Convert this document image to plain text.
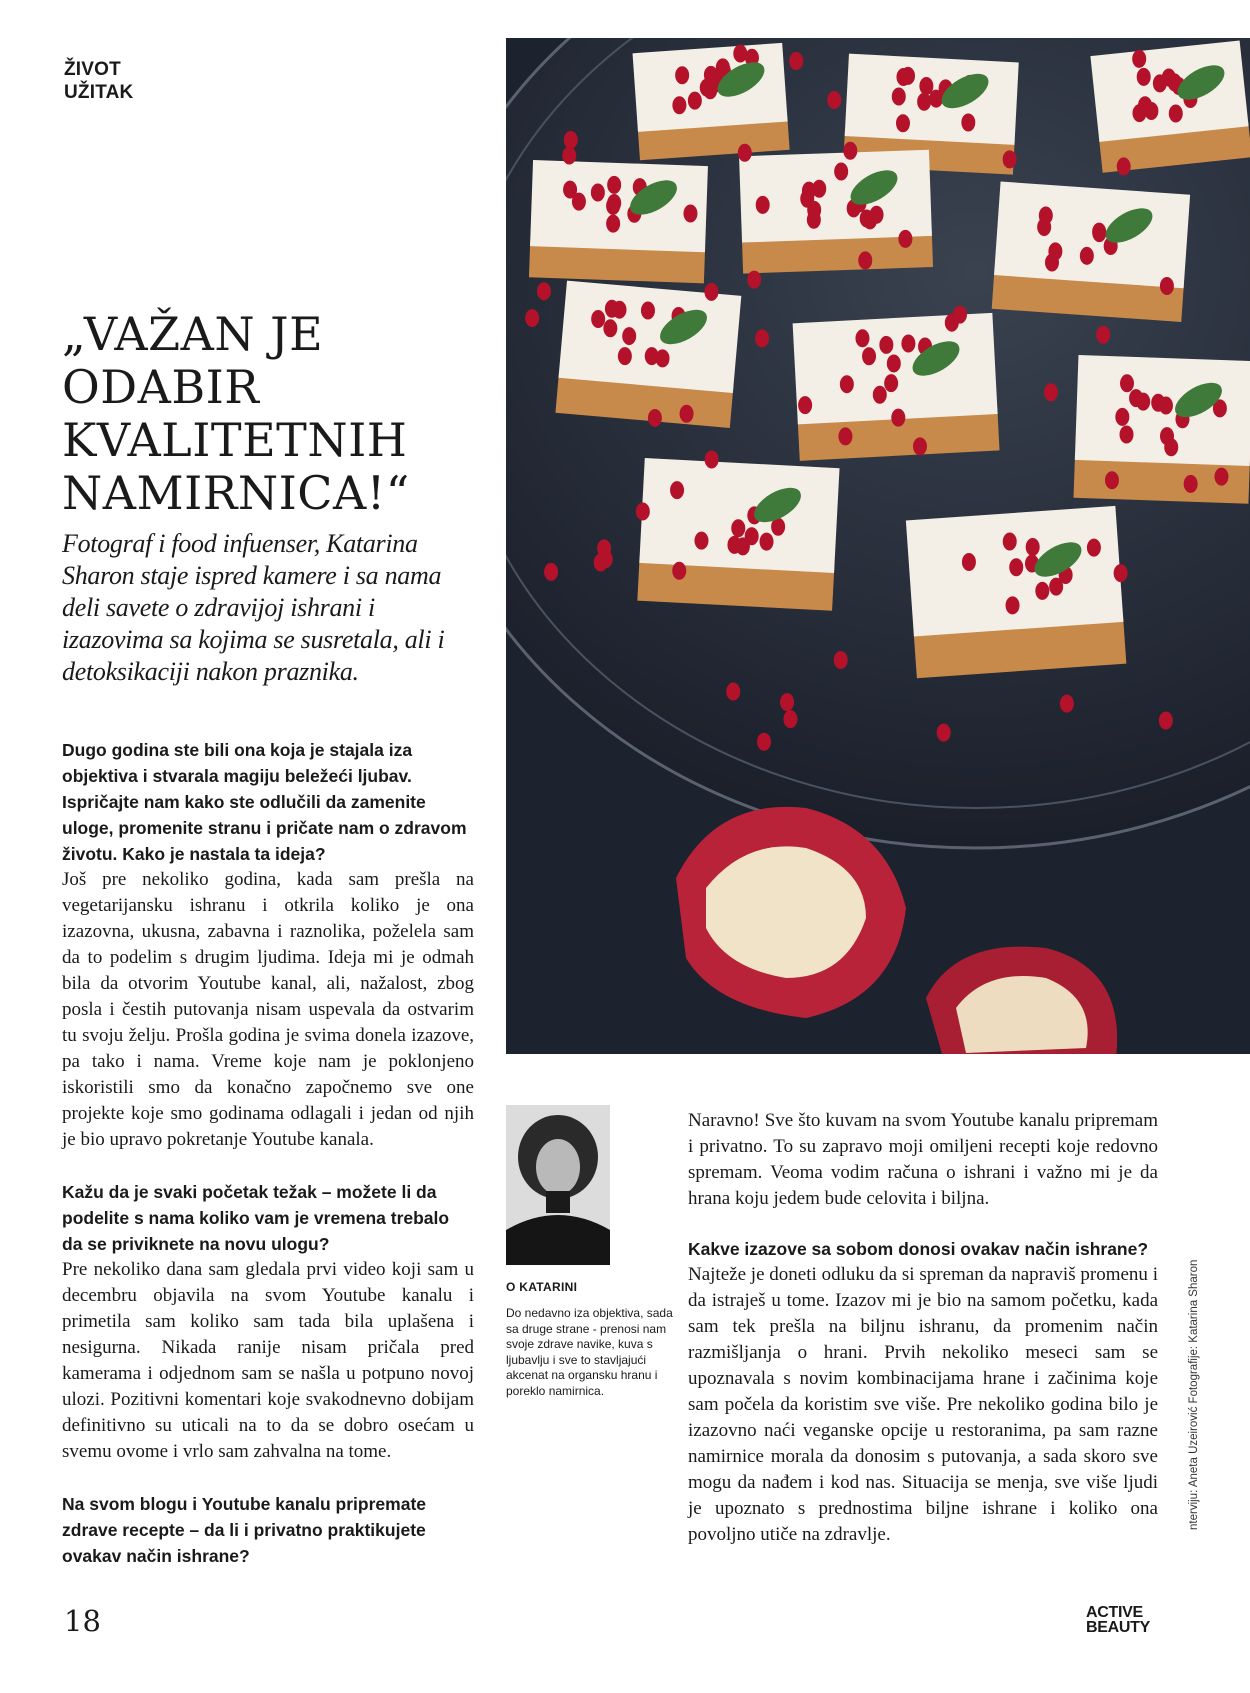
ŽIVOT
UŽITAK
„VAŽAN JE
ODABIR
KVALITETNIH
NAMIRNICA!“

Fotograf i food infuenser, Katarina Sharon staje ispred kamere i sa nama deli savete o zdravijoj ishrani i izazovima sa kojima se susretala, ali i detoksikaciji nakon praznika.

Dugo godina ste bili ona koja je stajala iza objektiva i stvarala magiju beležeći ljubav. Ispričajte nam kako ste odlučili da zamenite uloge, promenite stranu i pričate nam o zdravom životu. Kako je nastala ta ideja?

Još pre nekoliko godina, kada sam prešla na vegetarijansku ishranu i otkrila koliko je ona izazovna, ukusna, zabavna i raznolika, poželela sam da to podelim s drugim ljudima. Ideja mi je odmah bila da otvorim Youtube kanal, ali, nažalost, zbog posla i čestih putovanja nisam uspevala da ostvarim tu svoju želju. Prošla godina je svima donela izazove, pa tako i nama. Vreme koje nam je poklonjeno iskoristili smo da konačno započnemo sve one projekte koje smo godinama odlagali i jedan od njih je bio upravo pokretanje Youtube kanala.

Kažu da je svaki početak težak – možete li da podelite s nama koliko vam je vremena trebalo da se priviknete na novu ulogu?

Pre nekoliko dana sam gledala prvi video koji sam u decembru objavila na svom Youtube kanalu i primetila sam koliko sam tada bila uplašena i nesigurna. Nikada ranije nisam pričala pred kamerama i odjednom sam se našla u potpuno novoj ulozi. Pozitivni komentari koje svakodnevno dobijam definitivno su uticali na to da se dobro osećam u svemu ovome i vrlo sam zahvalna na tome.

Na svom blogu i Youtube kanalu pripremate zdrave recepte – da li i privatno praktikujete ovakav način ishrane?

O KATARINI
Do nedavno iza objektiva, sada sa druge strane - prenosi nam svoje zdrave navike, kuva s ljubavlju i sve to stavljajući akcenat na organsku hranu i poreklo namirnica.

Naravno! Sve što kuvam na svom Youtube kanalu pripremam i privatno. To su zapravo moji omiljeni recepti koje redovno spremam. Veoma vodim računa o ishrani i važno mi je da hrana koju jedem bude celovita i biljna.

Kakve izazove sa sobom donosi ovakav način ishrane?

Najteže je doneti odluku da si spreman da napraviš promenu i da istraješ u tome. Izazov mi je bio na samom početku, kada sam tek prešla na biljnu ishranu, da promenim način razmišljanja o hrani. Prvih nekoliko meseci sam se upoznavala s novim kombinacijama hrane i začinima koje sam počela da koristim sve više. Pre nekoliko godina bilo je izazovno naći veganske opcije u restoranima, pa sam razne namirnice morala da donosim s putovanja, a sada skoro sve mogu da nađem i kod nas. Situacija se menja, sve više ljudi je upoznato s prednostima biljne ishrane i koliko ona povoljno utiče na zdravlje.

nterviju: Aneta Uzeirović Fotografije: Katarina Sharon
18	ACTIVE
BEAUTY
